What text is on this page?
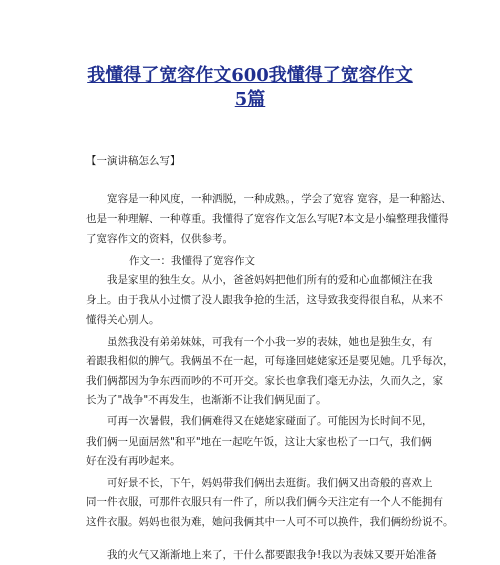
我懂得了宽容作文600我懂得了宽容作文
5篇
【一演讲稿怎么写】
宽容是一种风度，一种洒脱，一种成熟。，学会了宽容 宽容，是一种豁达、
也是一种理解、一种尊重。我懂得了宽容作文怎么写呢?本文是小编整理我懂得
了宽容作文的资料，仅供参考。
作文一：我懂得了宽容作文
我是家里的独生女。从小，爸爸妈妈把他们所有的爱和心血都倾注在我
身上。由于我从小过惯了没人跟我争抢的生活，这导致我变得很自私，从来不
懂得关心别人。
虽然我没有弟弟妹妹，可我有一个小我一岁的表妹，她也是独生女，有
着跟我相似的脾气。我俩虽不在一起，可每逢回姥姥家还是要见她。几乎每次，
我们俩都因为争东西而吵的不可开交。家长也拿我们毫无办法，久而久之，家
长为了"战争"不再发生，也渐渐不让我们俩见面了。
可再一次暑假，我们俩难得又在姥姥家碰面了。可能因为长时间不见，
我们俩一见面居然"和平"地在一起吃午饭，这让大家也松了一口气，我们俩
好在没有再吵起来。
可好景不长，下午，妈妈带我们俩出去逛街。我们俩又出奇般的喜欢上
同一件衣服，可那件衣服只有一件了，所以我们俩今天注定有一个人不能拥有
这件衣服。妈妈也很为难，她问我俩其中一人可不可以换件，我们俩纷纷说不。
我的火气又渐渐地上来了，干什么都要跟我争!我以为表妹又要开始准备
